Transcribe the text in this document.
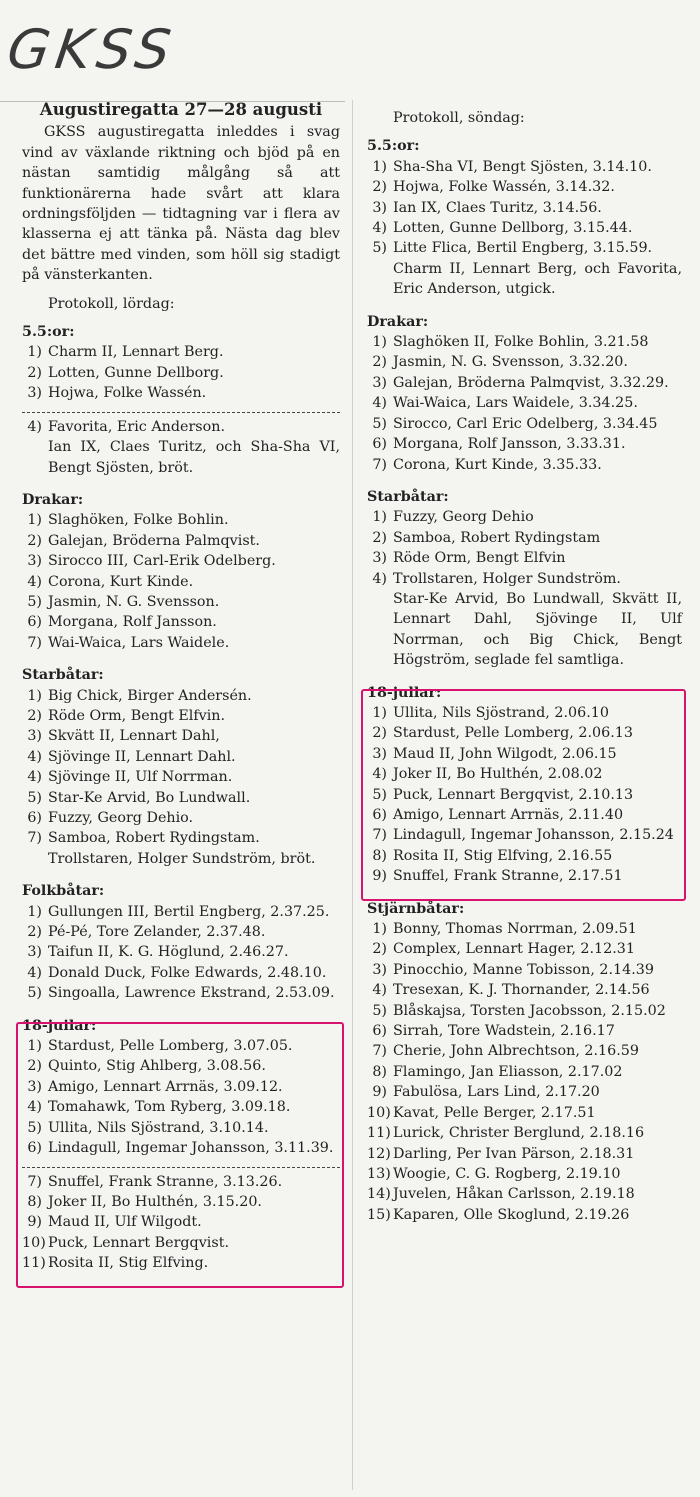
GKSS
Augustiregatta 27—28 augusti

GKSS augustiregatta inleddes i svag vind av växlande riktning och bjöd på en nästan samtidig målgång så att funktionärerna hade svårt att klara ordningsföljden — tidtagning var i flera av klasserna ej att tänka på. Nästa dag blev det bättre med vinden, som höll sig stadigt på vänsterkanten.

Protokoll, lördag:
5.5:or:
1) Charm II, Lennart Berg.
2) Lotten, Gunne Dellborg.
3) Hojwa, Folke Wassén.
4) Favorita, Eric Anderson.
Ian IX, Claes Turitz, och Sha-Sha VI, Bengt Sjösten, bröt.
Drakar:
1) Slaghöken, Folke Bohlin.
2) Galejan, Bröderna Palmqvist.
3) Sirocco III, Carl-Erik Odelberg.
4) Corona, Kurt Kinde.
5) Jasmin, N. G. Svensson.
6) Morgana, Rolf Jansson.
7) Wai-Waica, Lars Waidele.
Starbåtar:
1) Big Chick, Birger Andersén.
2) Röde Orm, Bengt Elfvin.
3) Skvätt II, Lennart Dahl,
4) Sjövinge II, Lennart Dahl.
4) Sjövinge II, Ulf Norrman.
5) Star-Ke Arvid, Bo Lundwall.
6) Fuzzy, Georg Dehio.
7) Samboa, Robert Rydingstam.
Trollstaren, Holger Sundström, bröt.
Folkbåtar:
1) Gullungen III, Bertil Engberg, 2.37.25.
2) Pé-Pé, Tore Zelander, 2.37.48.
3) Taifun II, K. G. Höglund, 2.46.27.
4) Donald Duck, Folke Edwards, 2.48.10.
5) Singoalla, Lawrence Ekstrand, 2.53.09.
18-juilar:
1) Stardust, Pelle Lomberg, 3.07.05.
2) Quinto, Stig Ahlberg, 3.08.56.
3) Amigo, Lennart Arrnäs, 3.09.12.
4) Tomahawk, Tom Ryberg, 3.09.18.
5) Ullita, Nils Sjöstrand, 3.10.14.
6) Lindagull, Ingemar Johansson, 3.11.39.
7) Snuffel, Frank Stranne, 3.13.26.
8) Joker II, Bo Hulthén, 3.15.20.
9) Maud II, Ulf Wilgodt.
10) Puck, Lennart Bergqvist.
11) Rosita II, Stig Elfving.
Protokoll, söndag:
5.5:or:
1) Sha-Sha VI, Bengt Sjösten, 3.14.10.
2) Hojwa, Folke Wassén, 3.14.32.
3) Ian IX, Claes Turitz, 3.14.56.
4) Lotten, Gunne Dellborg, 3.15.44.
5) Litte Flica, Bertil Engberg, 3.15.59.
Charm II, Lennart Berg, och Favorita, Eric Anderson, utgick.
Drakar:
1) Slaghöken II, Folke Bohlin, 3.21.58
2) Jasmin, N. G. Svensson, 3.32.20.
3) Galejan, Bröderna Palmqvist, 3.32.29.
4) Wai-Waica, Lars Waidele, 3.34.25.
5) Sirocco, Carl Eric Odelberg, 3.34.45
6) Morgana, Rolf Jansson, 3.33.31.
7) Corona, Kurt Kinde, 3.35.33.
Starbåtar:
1) Fuzzy, Georg Dehio
2) Samboa, Robert Rydingstam
3) Röde Orm, Bengt Elfvin
4) Trollstaren, Holger Sundström.
Star-Ke Arvid, Bo Lundwall, Skvätt II, Lennart Dahl, Sjövinge II, Ulf Norrman, och Big Chick, Bengt Högström, seglade fel samtliga.
18-jullar:
1) Ullita, Nils Sjöstrand, 2.06.10
2) Stardust, Pelle Lomberg, 2.06.13
3) Maud II, John Wilgodt, 2.06.15
4) Joker II, Bo Hulthén, 2.08.02
5) Puck, Lennart Bergqvist, 2.10.13
6) Amigo, Lennart Arrnäs, 2.11.40
7) Lindagull, Ingemar Johansson, 2.15.24
8) Rosita II, Stig Elfving, 2.16.55
9) Snuffel, Frank Stranne, 2.17.51
Stjärnbåtar:
1) Bonny, Thomas Norrman, 2.09.51
2) Complex, Lennart Hager, 2.12.31
3) Pinocchio, Manne Tobisson, 2.14.39
4) Tresexan, K. J. Thornander, 2.14.56
5) Blåskajsa, Torsten Jacobsson, 2.15.02
6) Sirrah, Tore Wadstein, 2.16.17
7) Cherie, John Albrechtson, 2.16.59
8) Flamingo, Jan Eliasson, 2.17.02
9) Fabulösa, Lars Lind, 2.17.20
10) Kavat, Pelle Berger, 2.17.51
11) Lurick, Christer Berglund, 2.18.16
12) Darling, Per Ivan Pärson, 2.18.31
13) Woogie, C. G. Rogberg, 2.19.10
14) Juvelen, Håkan Carlsson, 2.19.18
15) Kaparen, Olle Skoglund, 2.19.26
